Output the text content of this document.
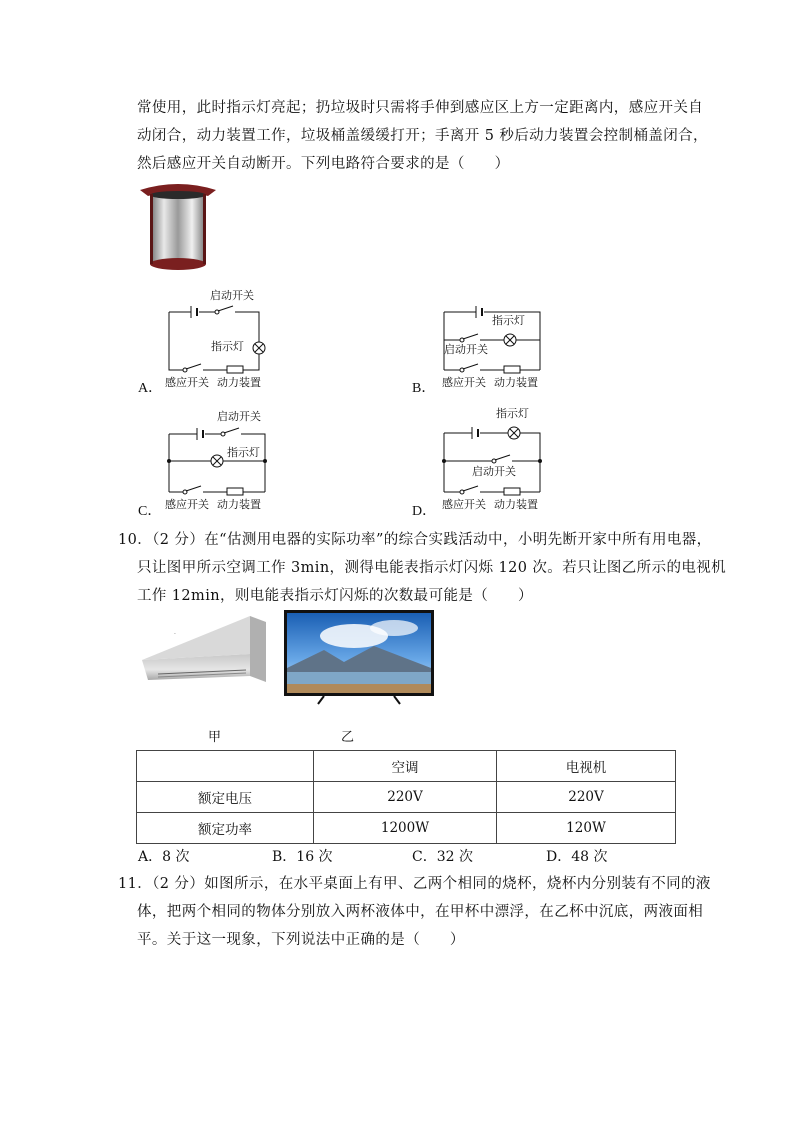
常使用，此时指示灯亮起；扔垃圾时只需将手伸到感应区上方一定距离内，感应开关自
动闭合，动力装置工作，垃圾桶盖缓缓打开；手离开 5 秒后动力装置会控制桶盖闭合，
然后感应开关自动断开。下列电路符合要求的是（　　）
A．
启动开关
指示灯
感应开关 动力装置	B．
指示灯
启动开关
感应开关 动力装置
C．
启动开关
指示灯
感应开关 动力装置	D．
指示灯
启动开关
感应开关 动力装置
10．（2 分）在“估测用电器的实际功率”的综合实践活动中，小明先断开家中所有用电器，
只让图甲所示空调工作 3min，测得电能表指示灯闪烁 120 次。若只让图乙所示的电视机
工作 12min，则电能表指示灯闪烁的次数最可能是（　　）
·
甲	乙
	空调	电视机
额定电压	220V	220V
额定功率	1200W	120W
A．8 次	B．16 次	C．32 次	D．48 次
11．（2 分）如图所示，在水平桌面上有甲、乙两个相同的烧杯，烧杯内分别装有不同的液
体，把两个相同的物体分别放入两杯液体中，在甲杯中漂浮，在乙杯中沉底，两液面相
平。关于这一现象，下列说法中正确的是（　　）
